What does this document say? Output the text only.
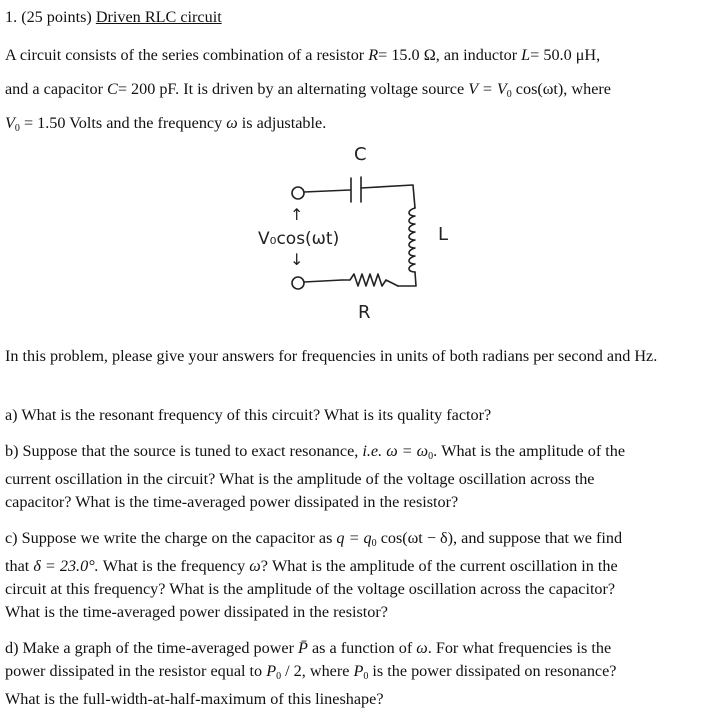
1. (25 points) Driven RLC circuit

A circuit consists of the series combination of a resistor R= 15.0 Ω, an inductor L= 50.0 μH,
and a capacitor C= 200 pF. It is driven by an alternating voltage source $V = V_0$ cos(ωt), where
$V_0 = 1.50$ Volts and the frequency ω is adjustable.
C
L
R
↑
V₀cos(ωt)
↓

In this problem, please give your answers for frequencies in units of both radians per second and Hz.

a) What is the resonant frequency of this circuit? What is its quality factor?

b) Suppose that the source is tuned to exact resonance, i.e. $\omega = \omega_0$. What is the amplitude of the
current oscillation in the circuit? What is the amplitude of the voltage oscillation across the
capacitor? What is the time-averaged power dissipated in the resistor?

c) Suppose we write the charge on the capacitor as $q = q_0$ cos(ωt − δ), and suppose that we find
that δ = 23.0°. What is the frequency ω? What is the amplitude of the current oscillation in the
circuit at this frequency? What is the amplitude of the voltage oscillation across the capacitor?
What is the time-averaged power dissipated in the resistor?

d) Make a graph of the time-averaged power P̄ as a function of ω. For what frequencies is the
power dissipated in the resistor equal to $P_0 / 2$, where $P_0$ is the power dissipated on resonance?
What is the full-width-at-half-maximum of this lineshape?
